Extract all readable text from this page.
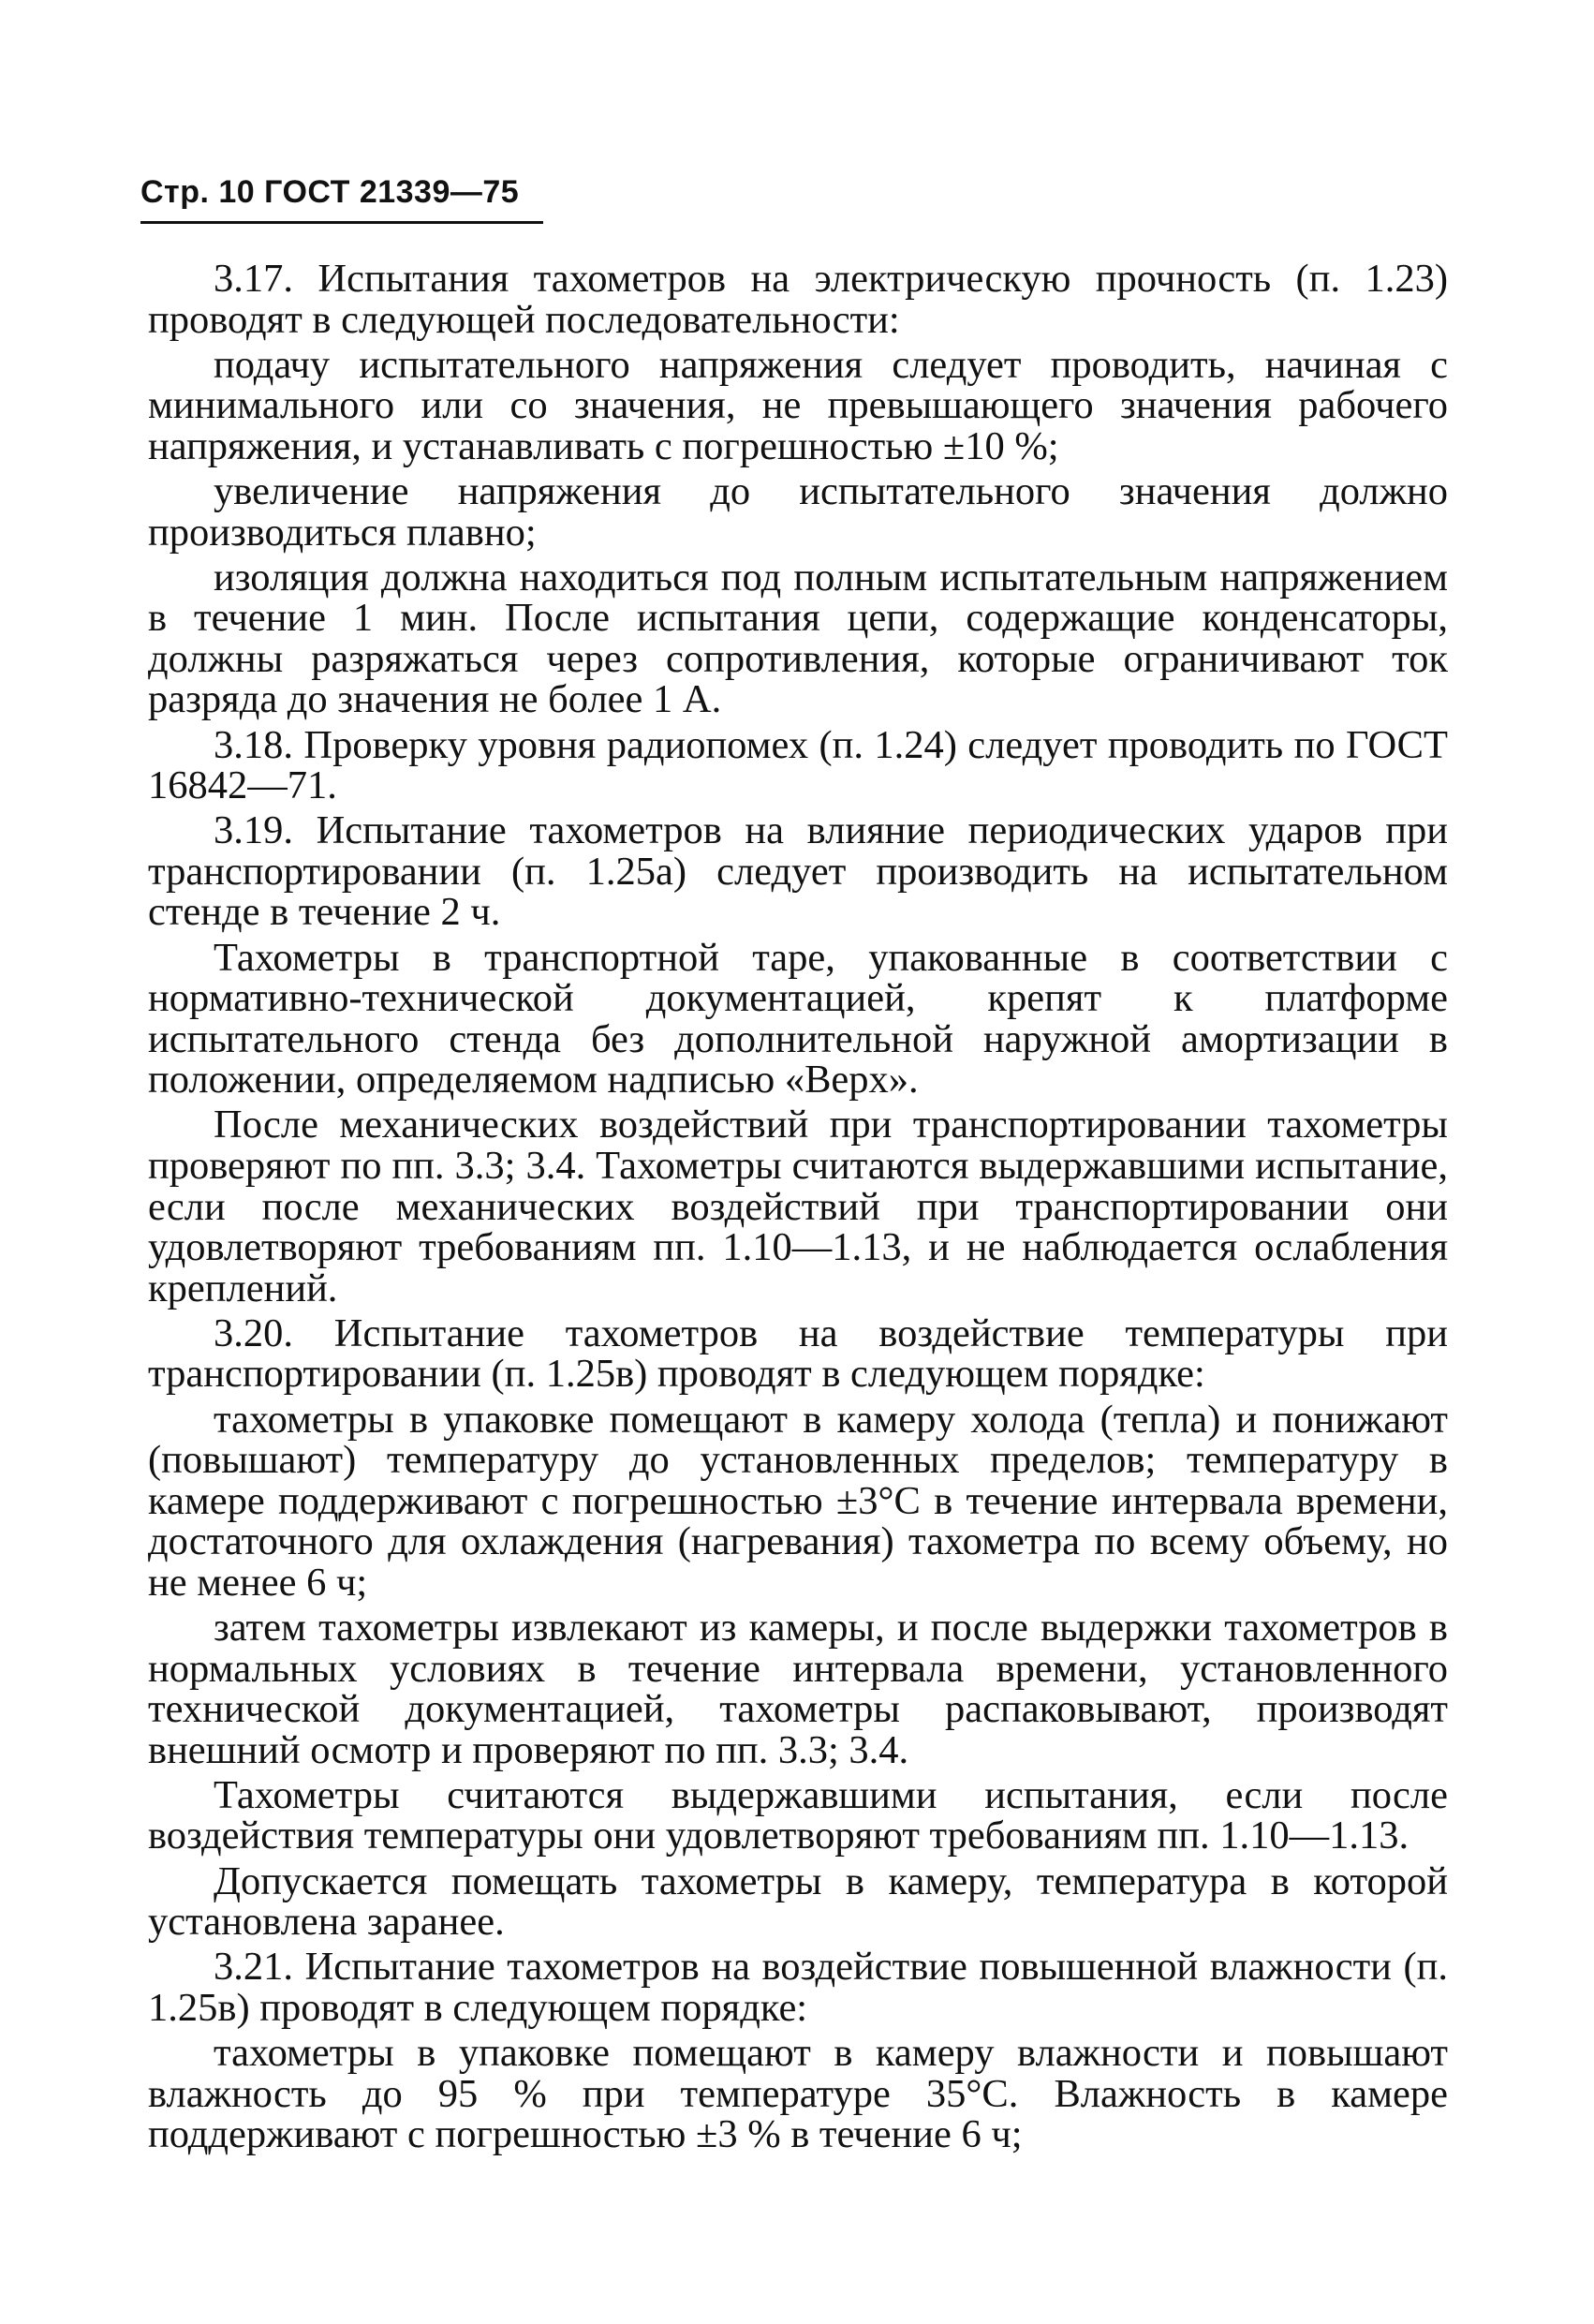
Стр. 10 ГОСТ 21339—75

3.17. Испытания тахометров на электрическую прочность (п. 1.23) проводят в следующей последовательности:

подачу испытательного напряжения следует проводить, начиная с минимального или со значения, не превышающего значения рабочего напряжения, и устанавливать с погрешностью ±10 %;

увеличение напряжения до испытательного значения должно производиться плавно;

изоляция должна находиться под полным испытательным напряжением в течение 1 мин. После испытания цепи, содержащие конденсаторы, должны разряжаться через сопротивления, которые ограничивают ток разряда до значения не более 1 А.

3.18. Проверку уровня радиопомех (п. 1.24) следует проводить по ГОСТ 16842—71.

3.19. Испытание тахометров на влияние периодических ударов при транспортировании (п. 1.25а) следует производить на испытательном стенде в течение 2 ч.

Тахометры в транспортной таре, упакованные в соответствии с нормативно-технической документацией, крепят к платформе испытательного стенда без дополнительной наружной амортизации в положении, определяемом надписью «Верх».

После механических воздействий при транспортировании тахометры проверяют по пп. 3.3; 3.4. Тахометры считаются выдержавшими испытание, если после механических воздействий при транспортировании они удовлетворяют требованиям пп. 1.10—1.13, и не наблюдается ослабления креплений.

3.20. Испытание тахометров на воздействие температуры при транспортировании (п. 1.25в) проводят в следующем порядке:

тахометры в упаковке помещают в камеру холода (тепла) и понижают (повышают) температуру до установленных пределов; температуру в камере поддерживают с погрешностью ±3°С в течение интервала времени, достаточного для охлаждения (нагревания) тахометра по всему объему, но не менее 6 ч;

затем тахометры извлекают из камеры, и после выдержки тахометров в нормальных условиях в течение интервала времени, установленного технической документацией, тахометры распаковывают, производят внешний осмотр и проверяют по пп. 3.3; 3.4.

Тахометры считаются выдержавшими испытания, если после воздействия температуры они удовлетворяют требованиям пп. 1.10—1.13.

Допускается помещать тахометры в камеру, температура в которой установлена заранее.

3.21. Испытание тахометров на воздействие повышенной влажности (п. 1.25в) проводят в следующем порядке:

тахометры в упаковке помещают в камеру влажности и повышают влажность до 95 % при температуре 35°С. Влажность в камере поддерживают с погрешностью ±3 % в течение 6 ч;
